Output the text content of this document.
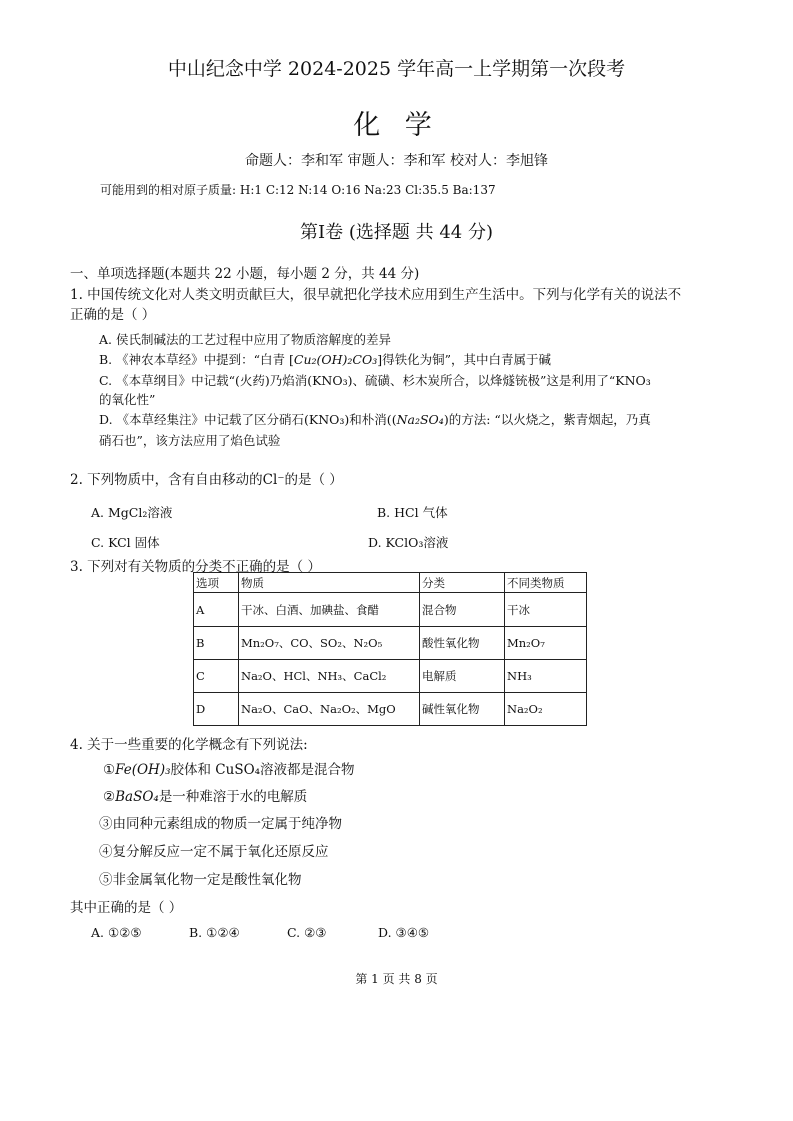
中山纪念中学 2024-2025 学年高一上学期第一次段考
化 学
命题人：李和军 审题人：李和军 校对人：李旭锋
可能用到的相对原子质量: H:1 C:12 N:14 O:16 Na:23 Cl:35.5 Ba:137
第Ⅰ卷 (选择题 共 44 分)
一、单项选择题(本题共 22 小题，每小题 2 分，共 44 分)
1. 中国传统文化对人类文明贡献巨大，很早就把化学技术应用到生产生活中。下列与化学有关的说法不
正确的是（ ）
A. 侯氏制碱法的工艺过程中应用了物质溶解度的差异
B. 《神农本草经》中提到：“白青 [Cu₂(OH)₂CO₃]得铁化为铜”，其中白青属于碱
C. 《本草纲目》中记载“(火药)乃焰消(KNO₃)、硫磺、杉木炭所合，以烽燧铳极”这是利用了“KNO₃
的氧化性”
D. 《本草经集注》中记载了区分硝石(KNO₃)和朴消((Na₂SO₄)的方法: “以火烧之，紫青烟起，乃真
硝石也”，该方法应用了焰色试验
2. 下列物质中，含有自由移动的Cl⁻的是（ ）
A. MgCl₂溶液	B. HCl 气体
C. KCl 固体	D. KClO₃溶液
3. 下列对有关物质的分类不正确的是（ ）
选项	物质	分类	不同类物质
A	干冰、白酒、加碘盐、食醋	混合物	干冰
B	Mn₂O₇、CO、SO₂、N₂O₅	酸性氧化物	Mn₂O₇
C	Na₂O、HCl、NH₃、CaCl₂	电解质	NH₃
D	Na₂O、CaO、Na₂O₂、MgO	碱性氧化物	Na₂O₂
4. 关于一些重要的化学概念有下列说法:
①Fe(OH)₃胶体和 CuSO₄溶液都是混合物
②BaSO₄是一种难溶于水的电解质
③由同种元素组成的物质一定属于纯净物
④复分解反应一定不属于氧化还原反应
⑤非金属氧化物一定是酸性氧化物
其中正确的是（ ）
A. ①②⑤	B. ①②④	C. ②③	D. ③④⑤
第 1 页 共 8 页
